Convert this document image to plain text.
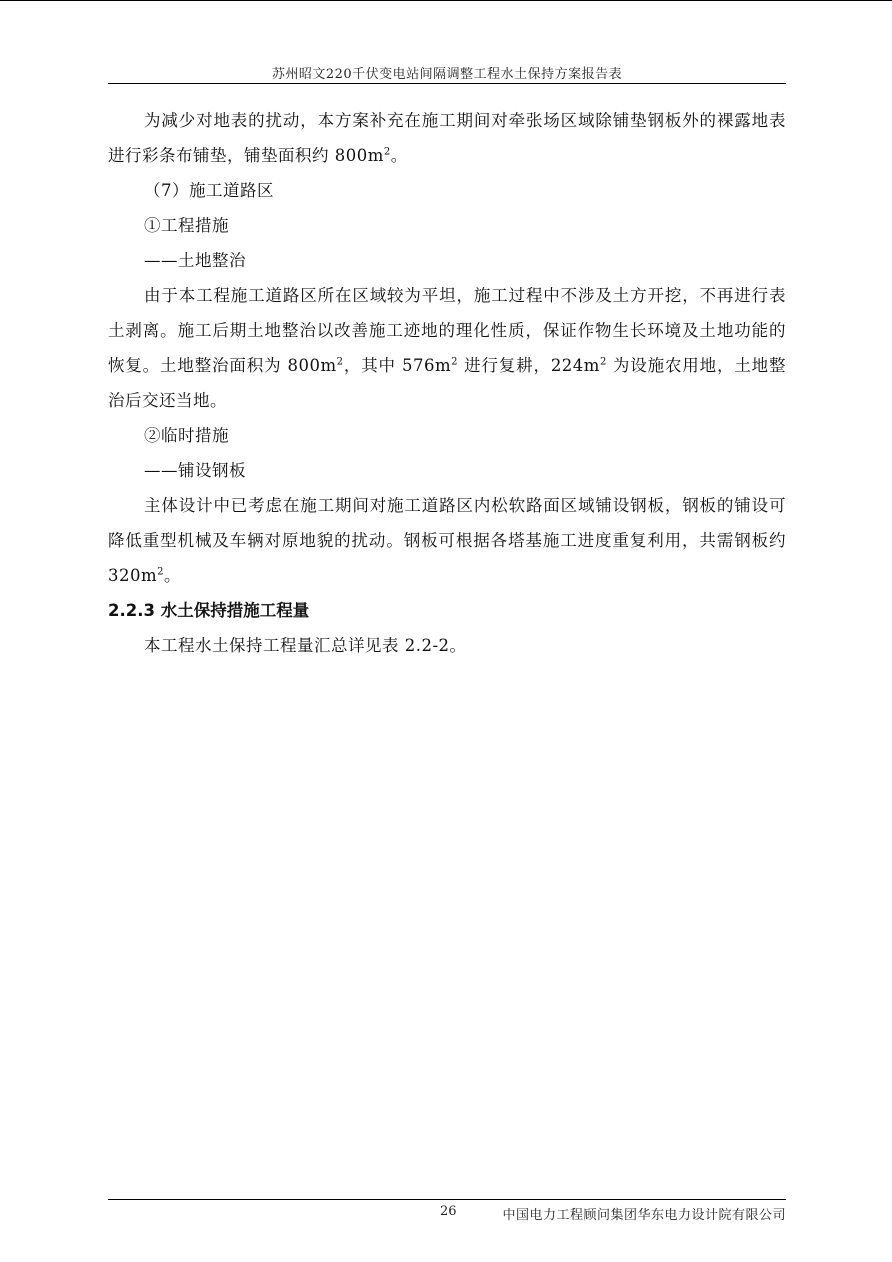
苏州昭文220千伏变电站间隔调整工程水土保持方案报告表

为减少对地表的扰动，本方案补充在施工期间对牵张场区域除铺垫钢板外的裸露地表进行彩条布铺垫，铺垫面积约 $800m^2$。

（7）施工道路区

①工程措施

——土地整治

由于本工程施工道路区所在区域较为平坦，施工过程中不涉及土方开挖，不再进行表土剥离。施工后期土地整治以改善施工迹地的理化性质，保证作物生长环境及土地功能的恢复。土地整治面积为 $800m^2$，其中 $576m^2$ 进行复耕，$224m^2$ 为设施农用地，土地整治后交还当地。

②临时措施

——铺设钢板

主体设计中已考虑在施工期间对施工道路区内松软路面区域铺设钢板，钢板的铺设可降低重型机械及车辆对原地貌的扰动。钢板可根据各塔基施工进度重复利用，共需钢板约 $320m^2$。

2.2.3 水土保持措施工程量

本工程水土保持工程量汇总详见表 2.2-2。

26	中国电力工程顾问集团华东电力设计院有限公司
